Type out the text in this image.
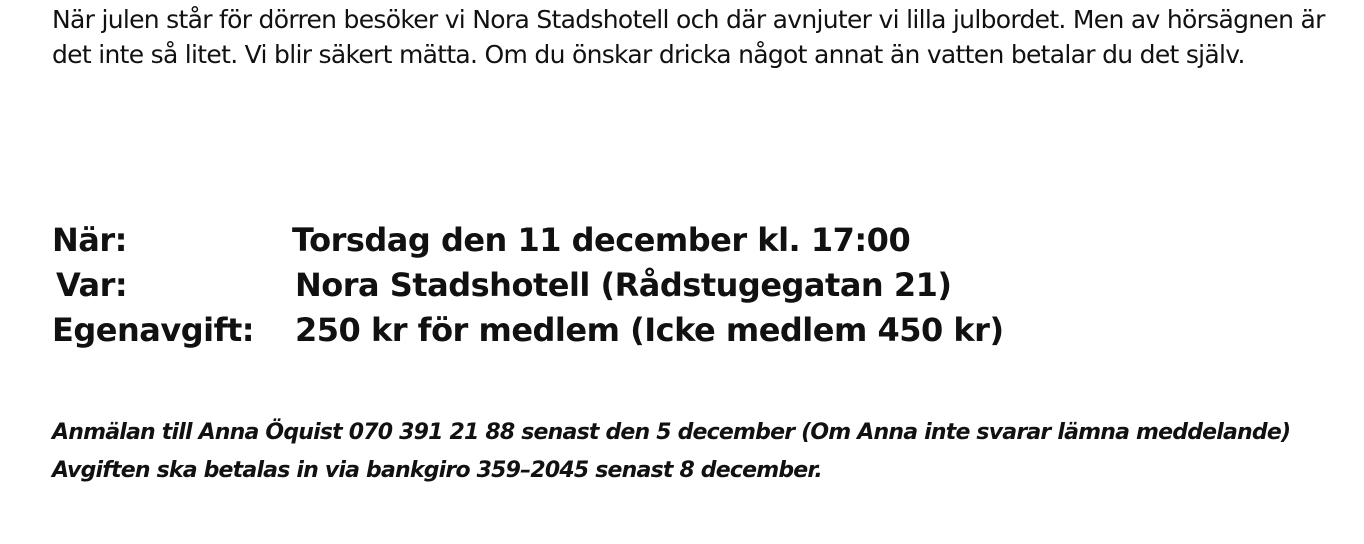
När julen står för dörren besöker vi Nora Stadshotell och där avnjuter vi lilla julbordet. Men av hörsägnen är det inte så litet. Vi blir säkert mätta. Om du önskar dricka något annat än vatten betalar du det själv.

När:	Torsdag den 11 december kl. 17:00
Var:	Nora Stadshotell (Rådstugegatan 21)
Egenavgift: 250 kr för medlem (Icke medlem 450 kr)

Anmälan till Anna Öquist 070 391 21 88 senast den 5 december (Om Anna inte svarar lämna meddelande)

Avgiften ska betalas in via bankgiro 359–2045 senast 8 december.
